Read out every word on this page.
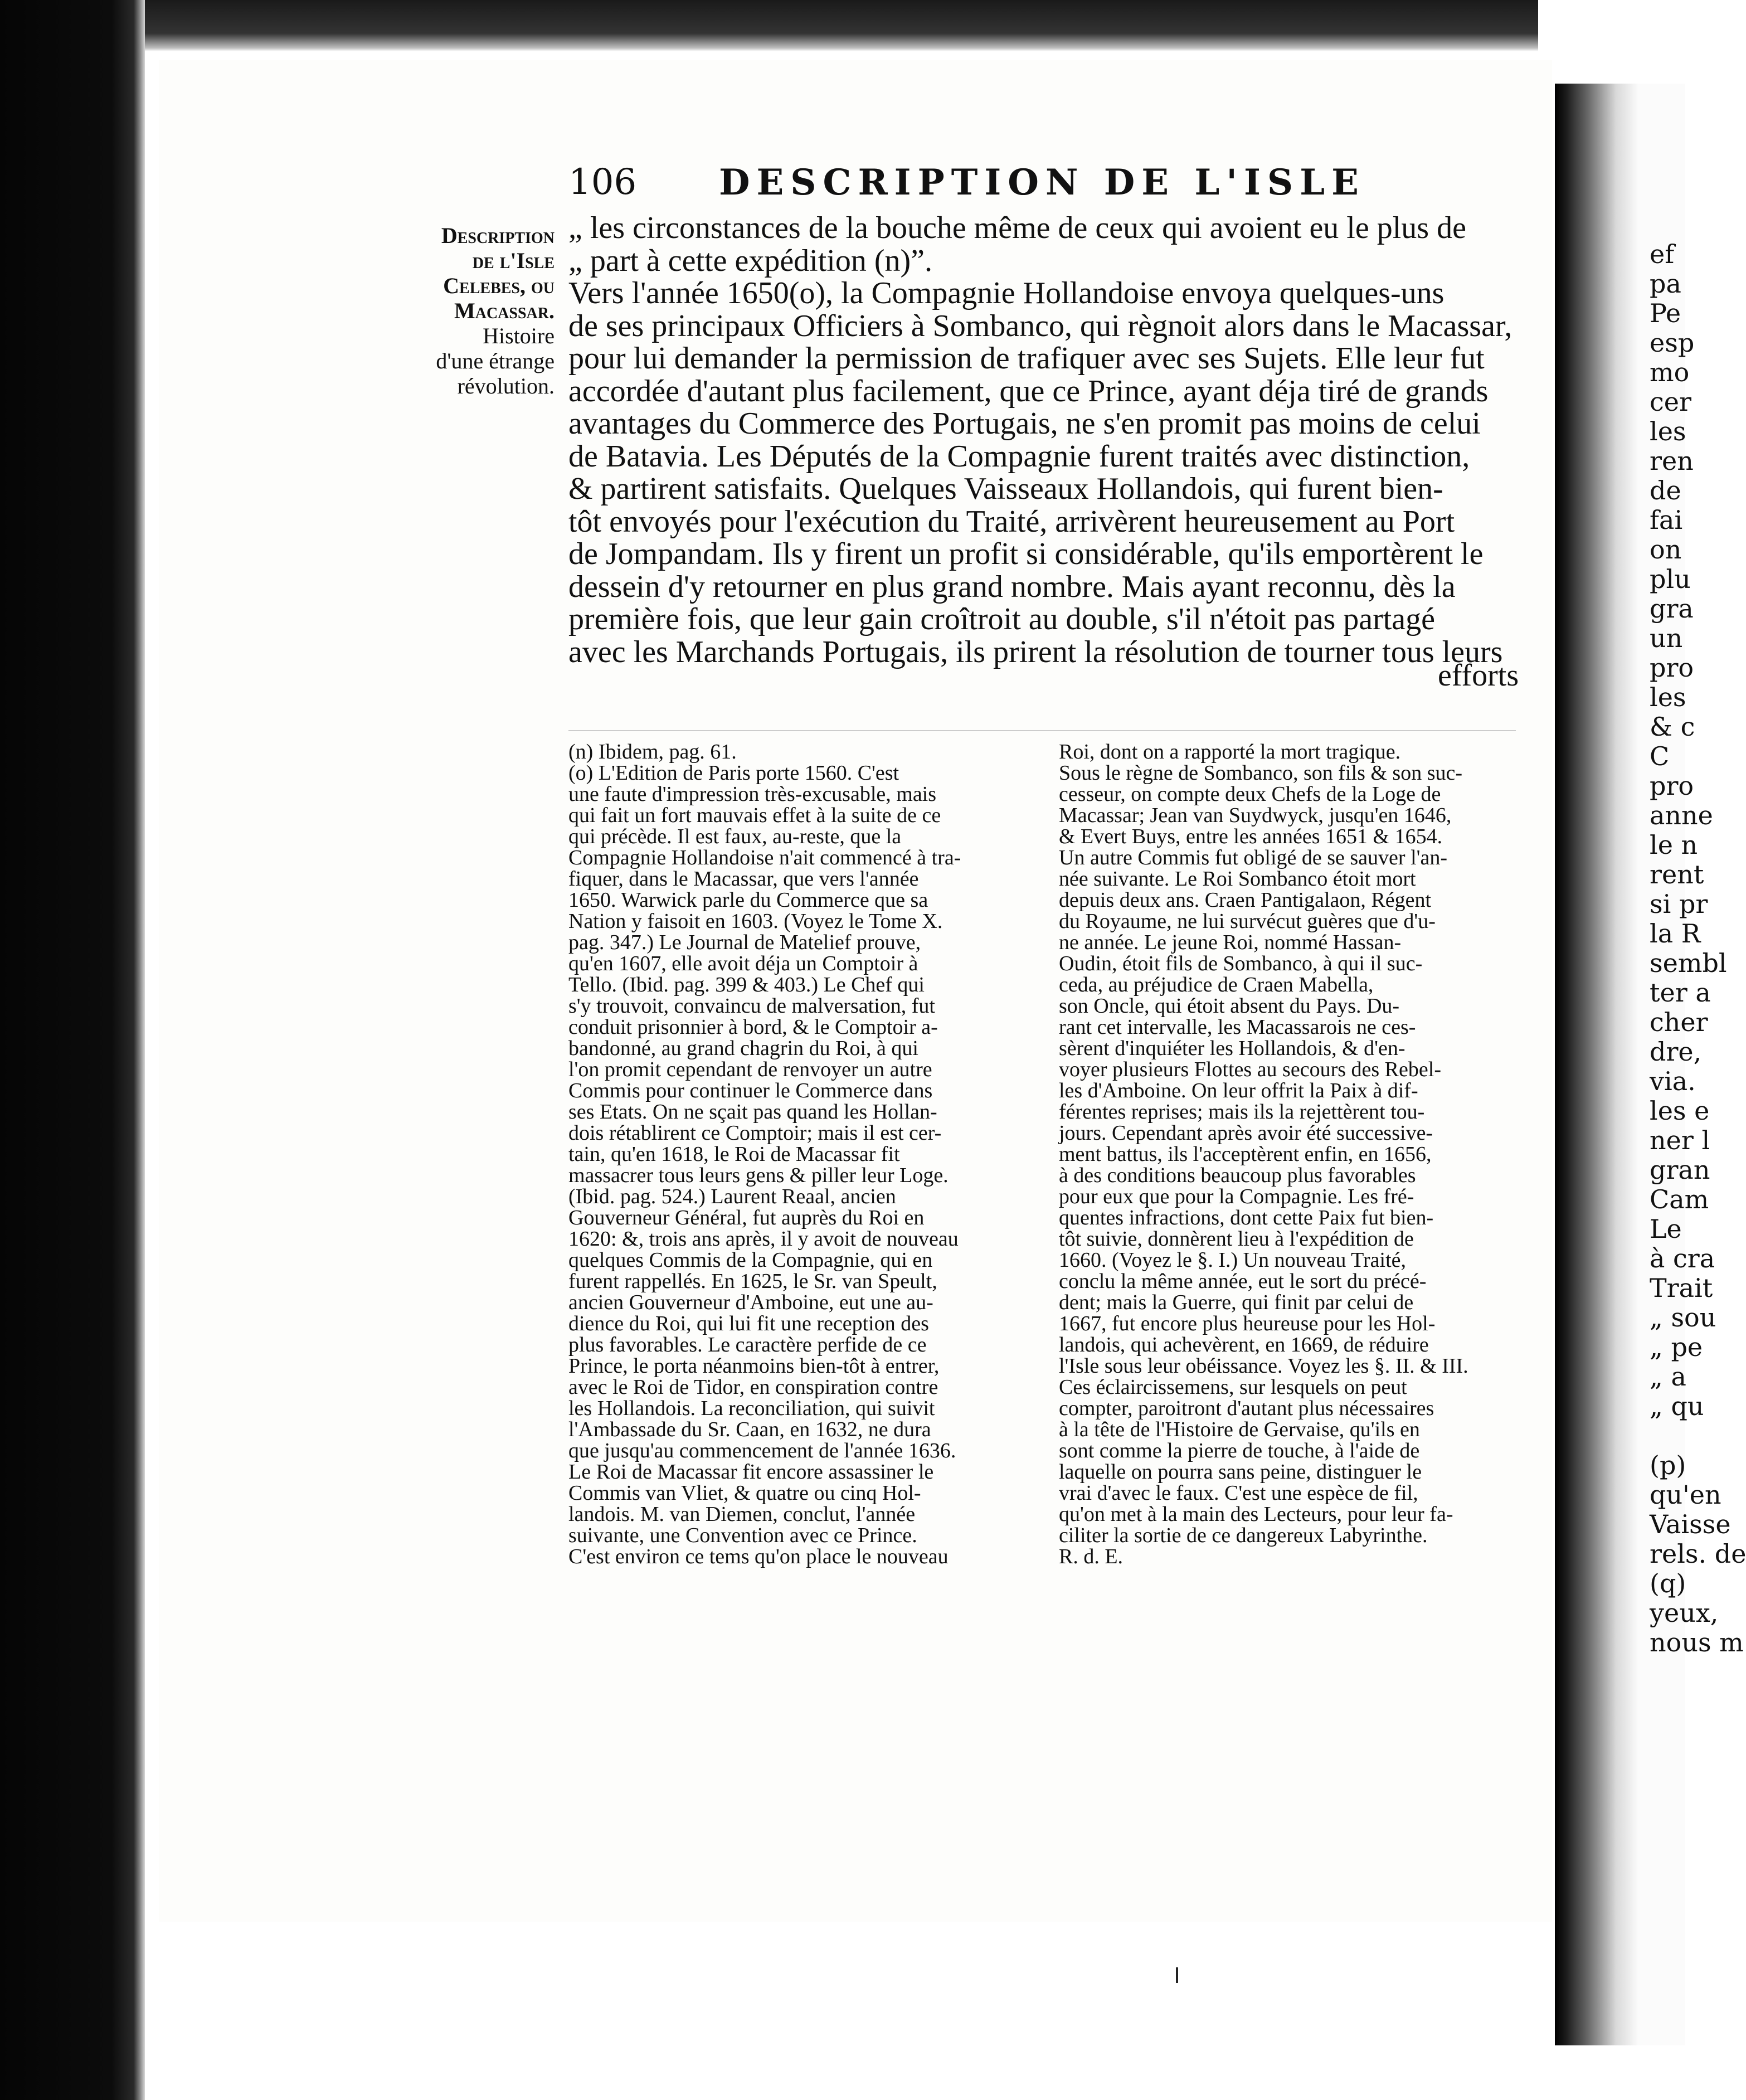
106 DESCRIPTION DE L'ISLE
Description
de l'Isle
Celebes, ou
Macassar.
Histoire
d'une étrange
révolution.
„ les circonstances de la bouche même de ceux qui avoient eu le plus de
„ part à cette expédition (n)”.
Vers l'année 1650(o), la Compagnie Hollandoise envoya quelques-uns
de ses principaux Officiers à Sombanco, qui règnoit alors dans le Macassar,
pour lui demander la permission de trafiquer avec ses Sujets. Elle leur fut
accordée d'autant plus facilement, que ce Prince, ayant déja tiré de grands
avantages du Commerce des Portugais, ne s'en promit pas moins de celui
de Batavia. Les Députés de la Compagnie furent traités avec distinction,
& partirent satisfaits. Quelques Vaisseaux Hollandois, qui furent bien-
tôt envoyés pour l'exécution du Traité, arrivèrent heureusement au Port
de Jompandam. Ils y firent un profit si considérable, qu'ils emportèrent le
dessein d'y retourner en plus grand nombre. Mais ayant reconnu, dès la
première fois, que leur gain croîtroit au double, s'il n'étoit pas partagé
avec les Marchands Portugais, ils prirent la résolution de tourner tous leurs
efforts
(n) Ibidem, pag. 61.
(o) L'Edition de Paris porte 1560. C'est
une faute d'impression très-excusable, mais
qui fait un fort mauvais effet à la suite de ce
qui précède. Il est faux, au-reste, que la
Compagnie Hollandoise n'ait commencé à tra-
fiquer, dans le Macassar, que vers l'année
1650. Warwick parle du Commerce que sa
Nation y faisoit en 1603. (Voyez le Tome X.
pag. 347.) Le Journal de Matelief prouve,
qu'en 1607, elle avoit déja un Comptoir à
Tello. (Ibid. pag. 399 & 403.) Le Chef qui
s'y trouvoit, convaincu de malversation, fut
conduit prisonnier à bord, & le Comptoir a-
bandonné, au grand chagrin du Roi, à qui
l'on promit cependant de renvoyer un autre
Commis pour continuer le Commerce dans
ses Etats. On ne sçait pas quand les Hollan-
dois rétablirent ce Comptoir; mais il est cer-
tain, qu'en 1618, le Roi de Macassar fit
massacrer tous leurs gens & piller leur Loge.
(Ibid. pag. 524.) Laurent Reaal, ancien
Gouverneur Général, fut auprès du Roi en
1620: &, trois ans après, il y avoit de nouveau
quelques Commis de la Compagnie, qui en
furent rappellés. En 1625, le Sr. van Speult,
ancien Gouverneur d'Amboine, eut une au-
dience du Roi, qui lui fit une reception des
plus favorables. Le caractère perfide de ce
Prince, le porta néanmoins bien-tôt à entrer,
avec le Roi de Tidor, en conspiration contre
les Hollandois. La reconciliation, qui suivit
l'Ambassade du Sr. Caan, en 1632, ne dura
que jusqu'au commencement de l'année 1636.
Le Roi de Macassar fit encore assassiner le
Commis van Vliet, & quatre ou cinq Hol-
landois. M. van Diemen, conclut, l'année
suivante, une Convention avec ce Prince.
C'est environ ce tems qu'on place le nouveau
Roi, dont on a rapporté la mort tragique.
Sous le règne de Sombanco, son fils & son suc-
cesseur, on compte deux Chefs de la Loge de
Macassar; Jean van Suydwyck, jusqu'en 1646,
& Evert Buys, entre les années 1651 & 1654.
Un autre Commis fut obligé de se sauver l'an-
née suivante. Le Roi Sombanco étoit mort
depuis deux ans. Craen Pantigalaon, Régent
du Royaume, ne lui survécut guères que d'u-
ne année. Le jeune Roi, nommé Hassan-
Oudin, étoit fils de Sombanco, à qui il suc-
ceda, au préjudice de Craen Mabella,
son Oncle, qui étoit absent du Pays. Du-
rant cet intervalle, les Macassarois ne ces-
sèrent d'inquiéter les Hollandois, & d'en-
voyer plusieurs Flottes au secours des Rebel-
les d'Amboine. On leur offrit la Paix à dif-
férentes reprises; mais ils la rejettèrent tou-
jours. Cependant après avoir été successive-
ment battus, ils l'acceptèrent enfin, en 1656,
à des conditions beaucoup plus favorables
pour eux que pour la Compagnie. Les fré-
quentes infractions, dont cette Paix fut bien-
tôt suivie, donnèrent lieu à l'expédition de
1660. (Voyez le §. I.) Un nouveau Traité,
conclu la même année, eut le sort du précé-
dent; mais la Guerre, qui finit par celui de
1667, fut encore plus heureuse pour les Hol-
landois, qui achevèrent, en 1669, de réduire
l'Isle sous leur obéissance. Voyez les §. II. & III.
Ces éclaircissemens, sur lesquels on peut
compter, paroitront d'autant plus nécessaires
à la tête de l'Histoire de Gervaise, qu'ils en
sont comme la pierre de touche, à l'aide de
laquelle on pourra sans peine, distinguer le
vrai d'avec le faux. C'est une espèce de fil,
qu'on met à la main des Lecteurs, pour leur fa-
ciliter la sortie de ce dangereux Labyrinthe.
R. d. E.
ef
pa
Pe
esp
mo
cer
les
ren
de
fai
on
plu
gra
un
pro
les
& c
C
pro
anne
le n
rent
si pr
la R
sembl
ter a
cher
dre,
via.
les e
ner l
gran
Cam
Le
à cra
Trait
„ sou
„ pe
„ a
„ qu

(p)
qu'en
Vaisse
rels. de
(q)
yeux,
nous m
